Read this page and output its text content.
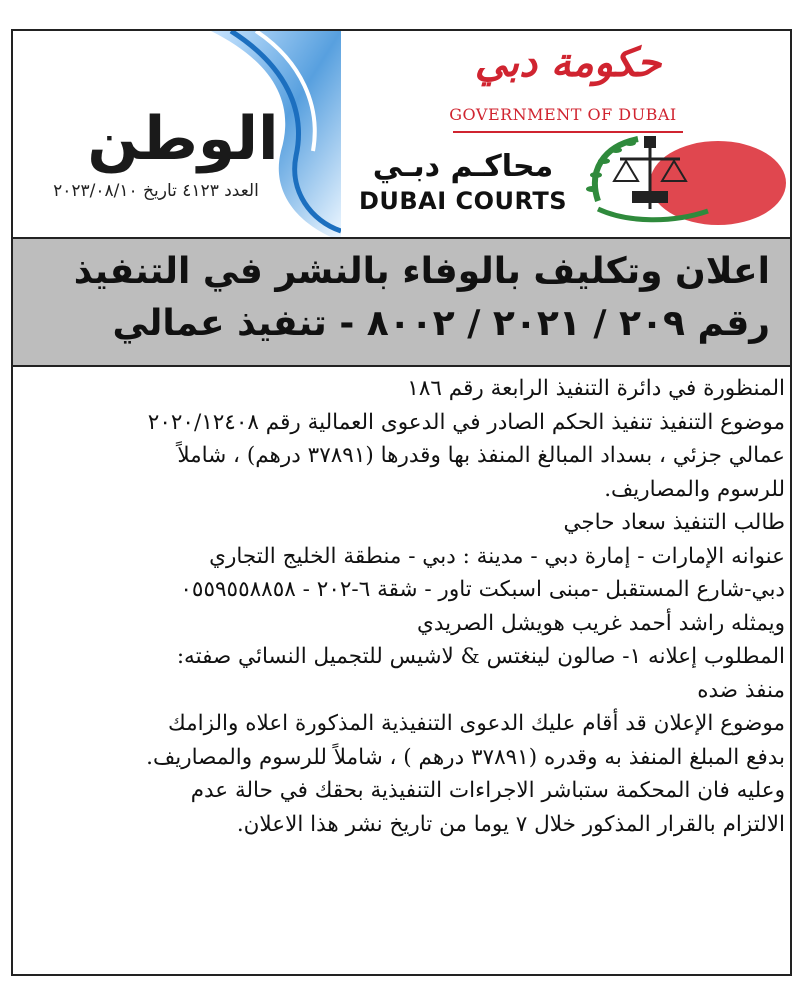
الوطن
العدد ٤١٢٣ تاريخ ٢٠٢٣/٠٨/١٠
حكومة دبي
GOVERNMENT OF DUBAI
محاكـم دبـي
DUBAI COURTS
اعلان وتكليف بالوفاء بالنشر في التنفيذ
رقم ٢٠٩ / ٢٠٢١ / ٨٠٠٢ - تنفيذ عمالي

المنظورة في دائرة التنفيذ الرابعة رقم ١٨٦

موضوع التنفيذ تنفيذ الحكم الصادر في الدعوى العمالية رقم ٢٠٢٠/١٢٤٠٨

عمالي جزئي ، بسداد المبالغ المنفذ بها وقدرها (٣٧٨٩١ درهم) ، شاملاً

للرسوم والمصاريف.

طالب التنفيذ سعاد حاجي

عنوانه الإمارات - إمارة دبي - مدينة : دبي - منطقة الخليج التجاري

دبي-شارع المستقبل -مبنى اسبكت تاور - شقة ٦-٢٠٢ - ٠٥٥٩٥٥٨٨٥٨

ويمثله راشد أحمد غريب هويشل الصريدي

المطلوب إعلانه ١- صالون لينغتس & لاشيس للتجميل النسائي صفته:

منفذ ضده

موضوع الإعلان قد أقام عليك الدعوى التنفيذية المذكورة اعلاه والزامك

بدفع المبلغ المنفذ به وقدره (٣٧٨٩١ درهم ) ، شاملاً للرسوم والمصاريف.

وعليه فان المحكمة ستباشر الاجراءات التنفيذية بحقك في حالة عدم

الالتزام بالقرار المذكور خلال ٧ يوما من تاريخ نشر هذا الاعلان.
